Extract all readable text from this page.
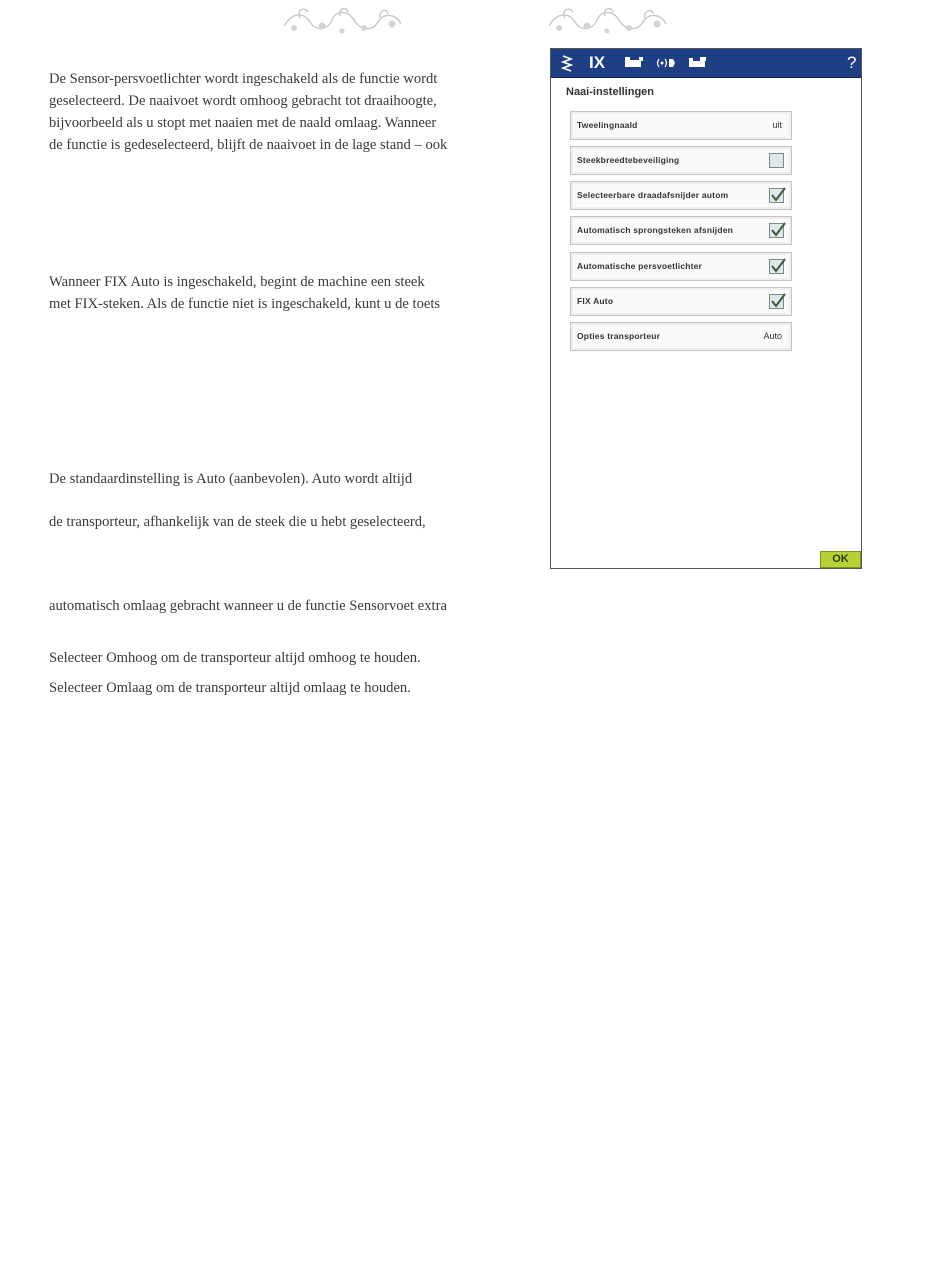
De Sensor-persvoetlichter wordt ingeschakeld als de functie wordt
geselecteerd. De naaivoet wordt omhoog gebracht tot draaihoogte,
bijvoorbeeld als u stopt met naaien met de naald omlaag. Wanneer
de functie is gedeselecteerd, blijft de naaivoet in de lage stand – ook

Wanneer FIX Auto is ingeschakeld, begint de machine een steek
met FIX-steken. Als de functie niet is ingeschakeld, kunt u de toets

De standaardinstelling is Auto (aanbevolen). Auto wordt altijd

de transporteur, afhankelijk van de steek die u hebt geselecteerd,

automatisch omlaag gebracht wanneer u de functie Sensorvoet extra

Selecteer Omhoog om de transporteur altijd omhoog te houden.

Selecteer Omlaag om de transporteur altijd omlaag te houden.

IX	?
Naai-instellingen
Tweelingnaald	uit
Steekbreedtebeveiliging
Selecteerbare draadafsnijder autom
Automatisch sprongsteken afsnijden
Automatische persvoetlichter
FIX Auto
Opties transporteur	Auto
OK
